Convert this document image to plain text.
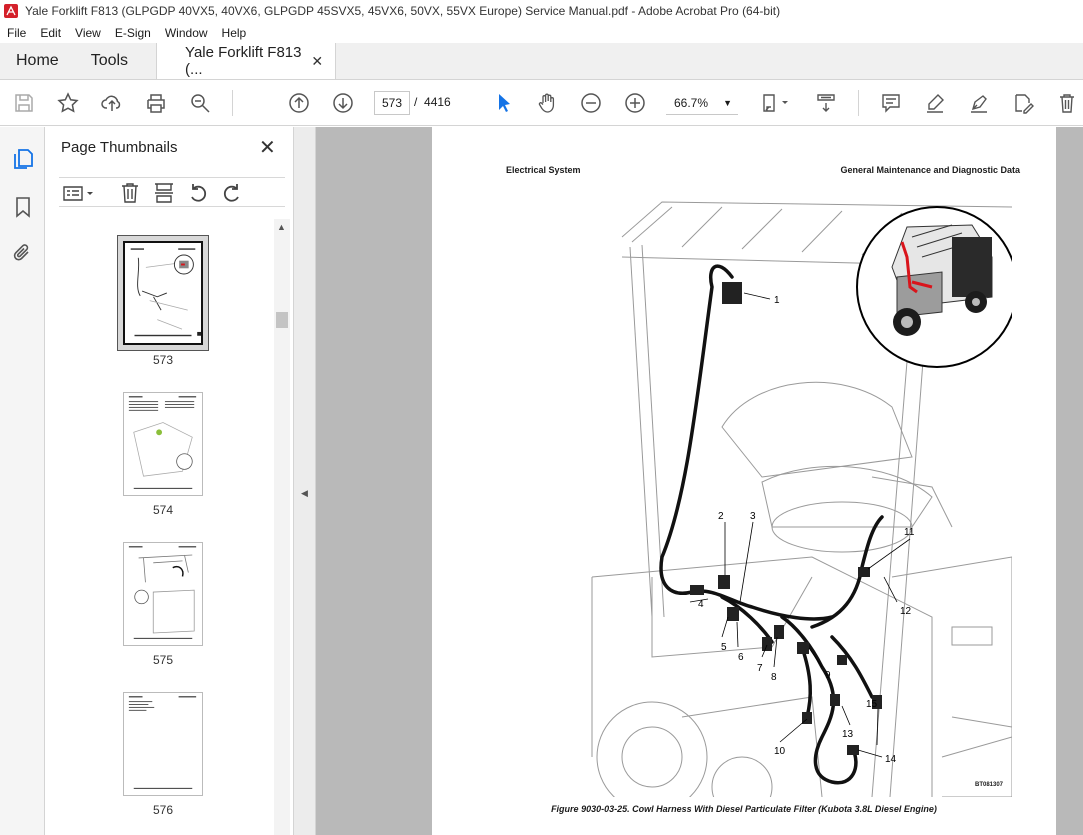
Yale Forklift F813 (GLPGDP 40VX5, 40VX6, GLPGDP 45SVX5, 45VX6, 50VX, 55VX Europe) Service Manual.pdf - Adobe Acrobat Pro (64-bit)
File	Edit	View	E-Sign	Window	Help
Home	Tools	Yale Forklift F813 (...
✕
573 / 4416	66.7% ▼
Page Thumbnails	✕
573
574
575
576
▲
◀
Electrical System	General Maintenance and Diagnostic Data
1
2	3
4
5
6
7
8	9
10
11
12
13
14
15
BT081307
Figure 9030-03-25. Cowl Harness With Diesel Particulate Filter (Kubota 3.8L Diesel Engine)
